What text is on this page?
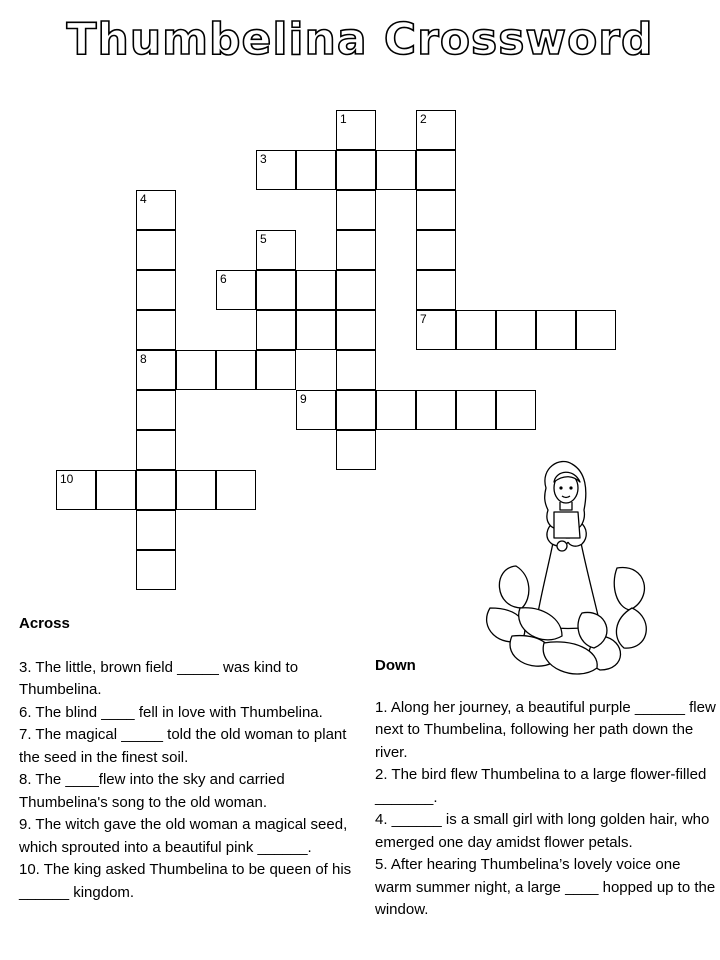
Thumbelina Crossword
1	2
3
4
5
6
7
8
9
10
Across

3. The little, brown field _____ was kind to Thumbelina.

6. The blind ____ fell in love with Thumbelina.

7. The magical _____ told the old woman to plant the seed in the finest soil.

8. The ____flew into the sky and carried Thumbelina's song to the old woman.

9. The witch gave the old woman a magical seed, which sprouted into a beautiful pink ______.

10. The king asked Thumbelina to be queen of his ______ kingdom.

Down

1. Along her journey, a beautiful purple ______ flew next to Thumbelina, following her path down the river.

2. The bird flew Thumbelina to a large flower-filled _______.

4. ______ is a small girl with long golden hair, who emerged one day amidst flower petals.

5. After hearing Thumbelina’s lovely voice one warm summer night, a large ____ hopped up to the window.
